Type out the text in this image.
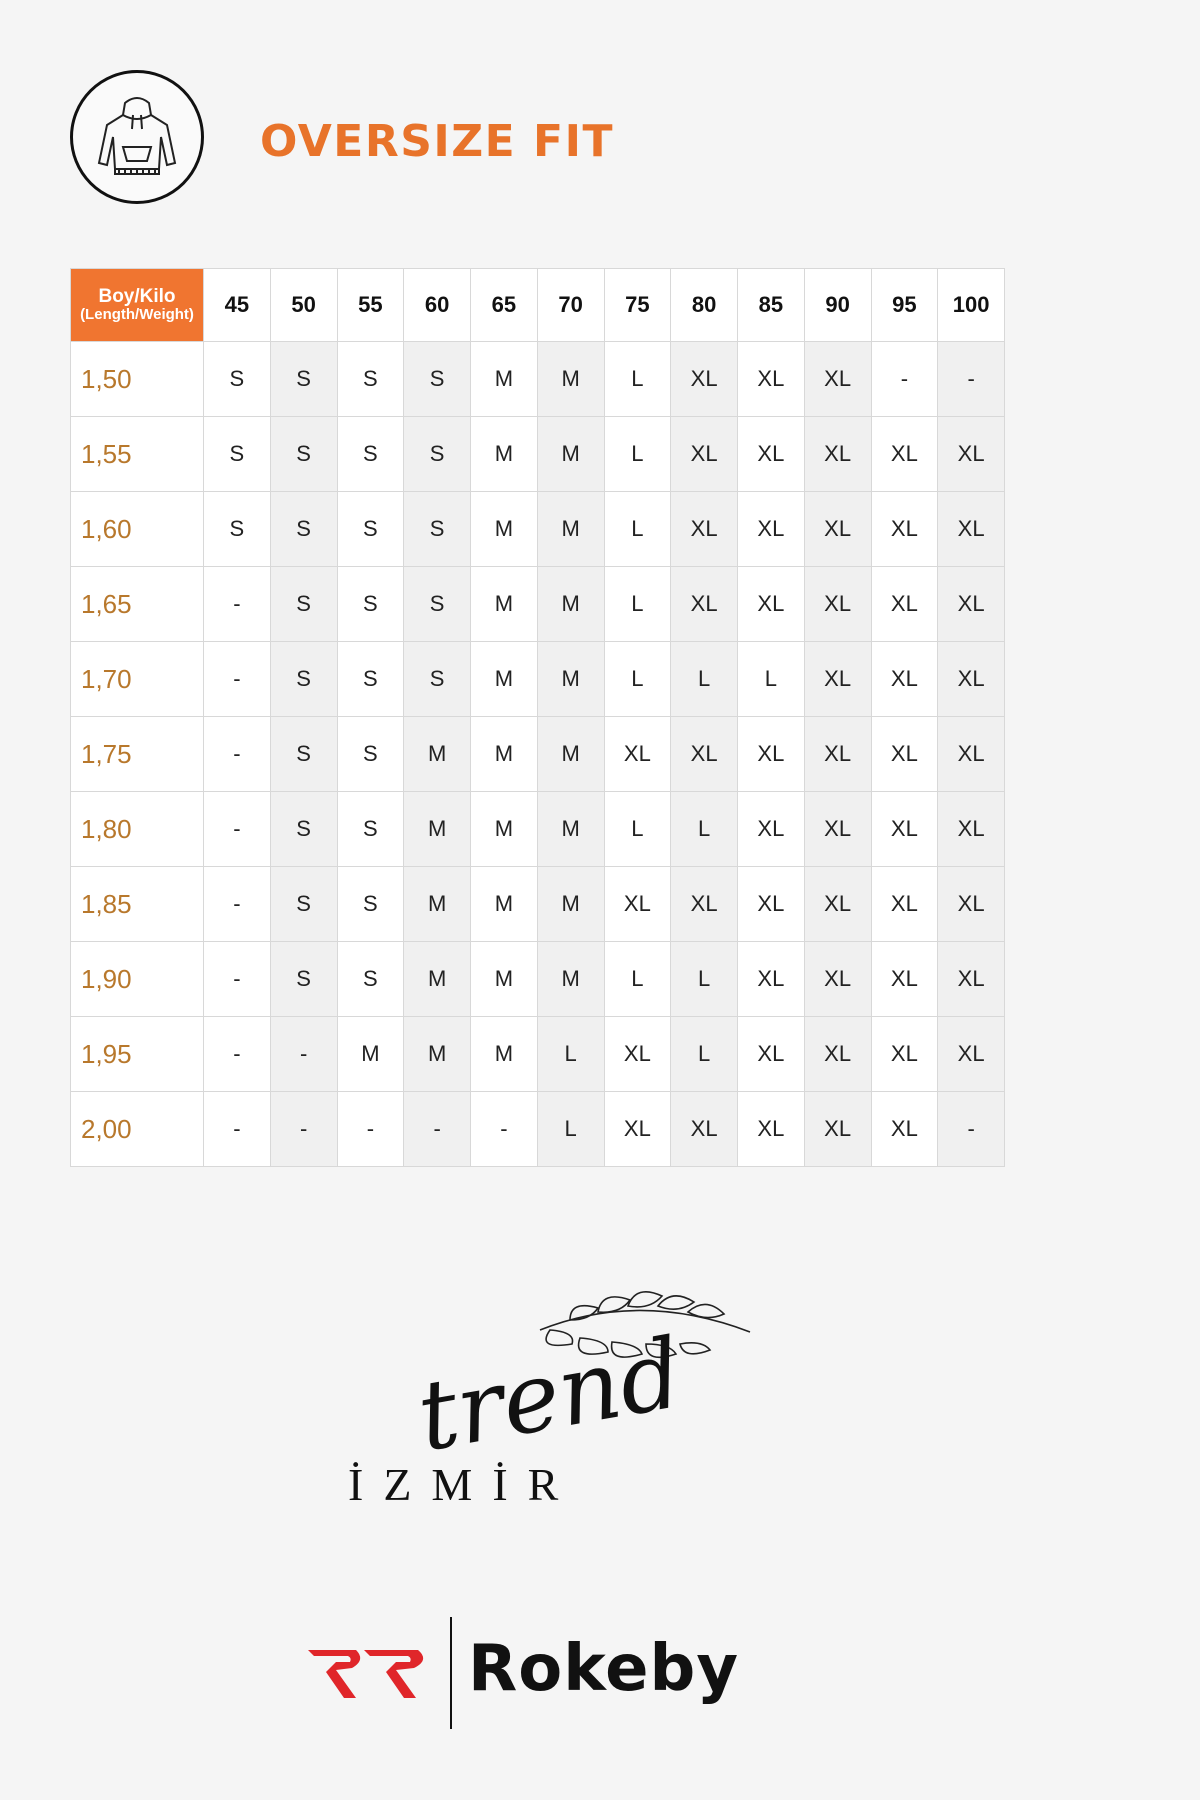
OVERSIZE FIT
Boy/Kilo
(Length/Weight)	45	50	55	60	65	70	75	80	85	90	95	100
1,50	S	S	S	S	M	M	L	XL	XL	XL	-	-
1,55	S	S	S	S	M	M	L	XL	XL	XL	XL	XL
1,60	S	S	S	S	M	M	L	XL	XL	XL	XL	XL
1,65	-	S	S	S	M	M	L	XL	XL	XL	XL	XL
1,70	-	S	S	S	M	M	L	L	L	XL	XL	XL
1,75	-	S	S	M	M	M	XL	XL	XL	XL	XL	XL
1,80	-	S	S	M	M	M	L	L	XL	XL	XL	XL
1,85	-	S	S	M	M	M	XL	XL	XL	XL	XL	XL
1,90	-	S	S	M	M	M	L	L	XL	XL	XL	XL
1,95	-	-	M	M	M	L	XL	L	XL	XL	XL	XL
2,00	-	-	-	-	-	L	XL	XL	XL	XL	XL	-
trend
İZMİR
Rokeby
